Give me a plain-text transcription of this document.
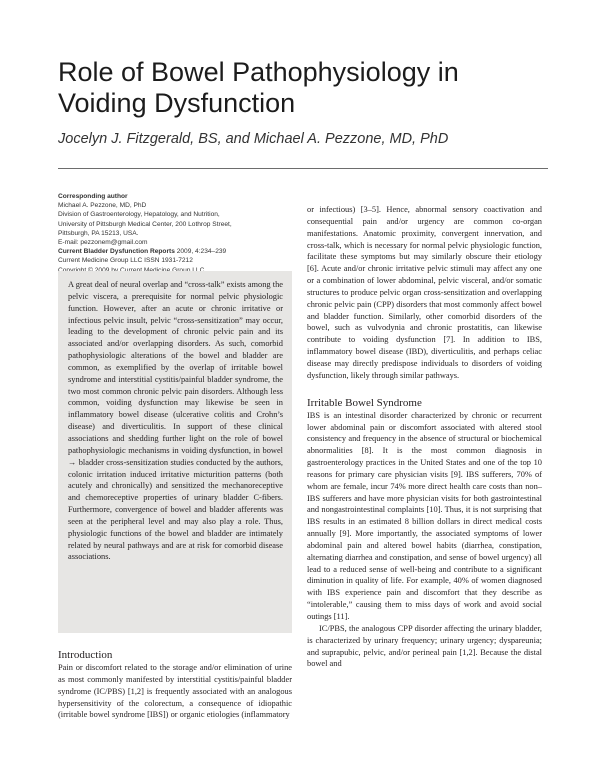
Role of Bowel Pathophysiology in Voiding Dysfunction

Jocelyn J. Fitzgerald, BS, and Michael A. Pezzone, MD, PhD

Corresponding author
Michael A. Pezzone, MD, PhD
Division of Gastroenterology, Hepatology, and Nutrition,
University of Pittsburgh Medical Center, 200 Lothrop Street,
Pittsburgh, PA 15213, USA.
E-mail: pezzonem@gmail.com
Current Bladder Dysfunction Reports 2009, 4:234–239
Current Medicine Group LLC ISSN 1931-7212

A great deal of neural overlap and “cross-talk” exists among the pelvic viscera, a prerequisite for normal pelvic physiologic function. However, after an acute or chronic irritative or infectious pelvic insult, pelvic “cross-sensitization” may occur, leading to the development of chronic pelvic pain and its associated and/or overlapping disorders. As such, comorbid pathophysiologic alterations of the bowel and bladder are common, as exemplified by the overlap of irritable bowel syndrome and interstitial cystitis/painful bladder syndrome, the two most common chronic pelvic pain disorders. Although less common, voiding dysfunction may likewise be seen in inflammatory bowel disease (ulcerative colitis and Crohn’s disease) and diverticulitis. In support of these clinical associations and shedding further light on the role of bowel pathophysiologic mechanisms in voiding dysfunction, in bowel → bladder cross-sensitization studies conducted by the authors, colonic irritation induced irritative micturition patterns (both acutely and chronically) and sensitized the mechanoreceptive and chemoreceptive properties of urinary bladder C-fibers. Furthermore, convergence of bowel and bladder afferents was seen at the peripheral level and may also play a role. Thus, physiologic functions of the bowel and bladder are intimately related by neural pathways and are at risk for comorbid disease associations.

Introduction

Pain or discomfort related to the storage and/or elimination of urine as most commonly manifested by interstitial cystitis/painful bladder syndrome (IC/PBS) [1,2] is frequently associated with an analogous hypersensitivity of the colorectum, a consequence of idiopathic (irritable bowel syndrome [IBS]) or organic etiologies (inflammatory

or infectious) [3–5]. Hence, abnormal sensory coactivation and consequential pain and/or urgency are common co-organ manifestations. Anatomic proximity, convergent innervation, and cross-talk, which is necessary for normal pelvic physiologic function, facilitate these symptoms but may similarly obscure their etiology [6]. Acute and/or chronic irritative pelvic stimuli may affect any one or a combination of lower abdominal, pelvic visceral, and/or somatic structures to produce pelvic organ cross-sensitization and overlapping chronic pelvic pain (CPP) disorders that most commonly affect bowel and bladder function. Similarly, other comorbid disorders of the bowel, such as vulvodynia and chronic prostatitis, can likewise contribute to voiding dysfunction [7]. In addition to IBS, inflammatory bowel disease (IBD), diverticulitis, and perhaps celiac disease may directly predispose individuals to disorders of voiding dysfunction, likely through similar pathways.

Irritable Bowel Syndrome

IBS is an intestinal disorder characterized by chronic or recurrent lower abdominal pain or discomfort associated with altered stool consistency and frequency in the absence of structural or biochemical abnormalities [8]. It is the most common diagnosis in gastroenterology practices in the United States and one of the top 10 reasons for primary care physician visits [9]. IBS sufferers, 70% of whom are female, incur 74% more direct health care costs than non–IBS sufferers and have more physician visits for both gastrointestinal and nongastrointestinal complaints [10]. Thus, it is not surprising that IBS results in an estimated 8 billion dollars in direct medical costs annually [9]. More importantly, the associated symptoms of lower abdominal pain and altered bowel habits (diarrhea, constipation, alternating diarrhea and constipation, and sense of bowel urgency) all lead to a reduced sense of well-being and contribute to a significant diminution in quality of life. For example, 40% of women diagnosed with IBS experience pain and discomfort that they describe as “intolerable,” causing them to miss days of work and avoid social outings [11].

IC/PBS, the analogous CPP disorder affecting the urinary bladder, is characterized by urinary frequency; urinary urgency; dyspareunia; and suprapubic, pelvic, and/or perineal pain [1,2]. Because the distal bowel and
